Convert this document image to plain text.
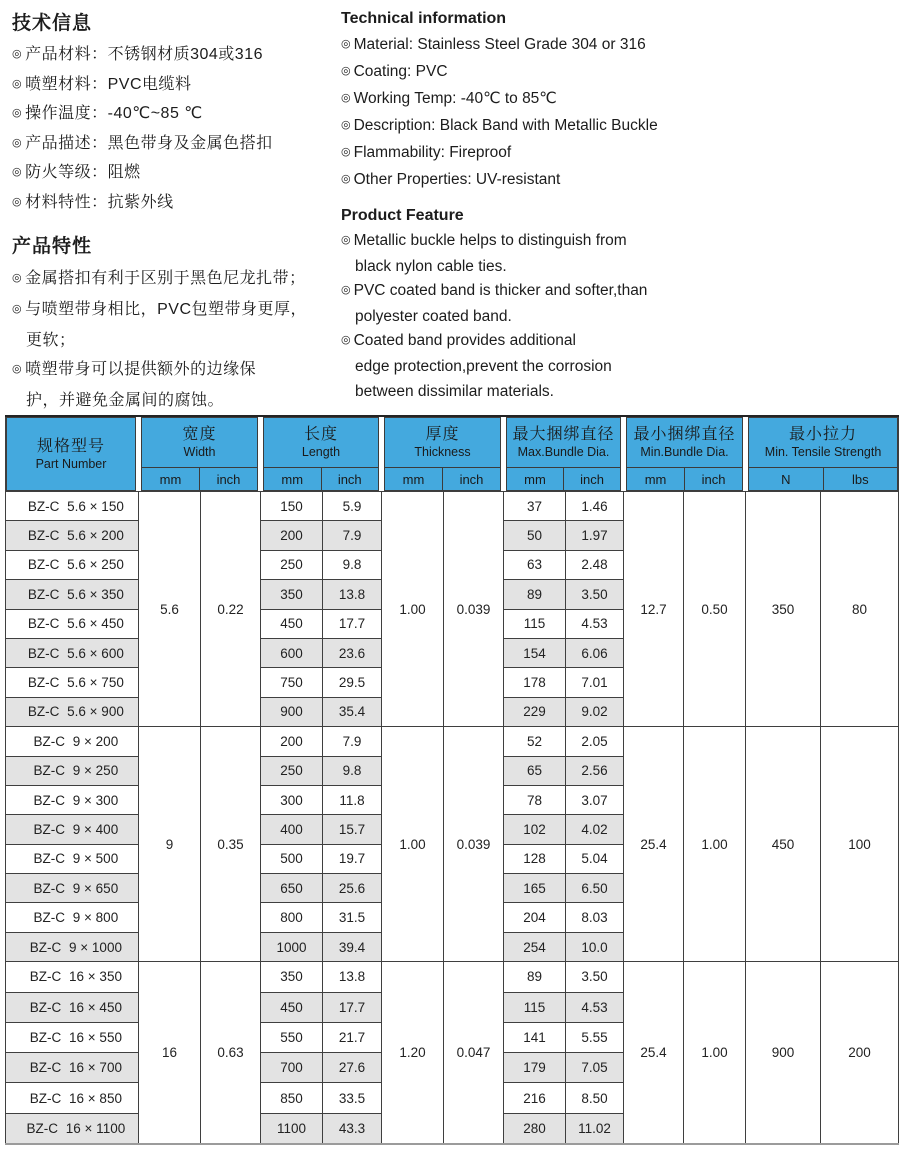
技术信息
◎ 产品材料：不锈钢材质304或316
◎ 喷塑材料：PVC电缆料
◎ 操作温度：-40℃~85 ℃
◎ 产品描述：黑色带身及金属色搭扣
◎ 防火等级：阻燃
◎ 材料特性：抗紫外线
产品特性
◎ 金属搭扣有利于区别于黑色尼龙扎带；
◎ 与喷塑带身相比，PVC包塑带身更厚，
更软；
◎ 喷塑带身可以提供额外的边缘保
护，并避免金属间的腐蚀。
Technical information
◎ Material: Stainless Steel Grade 304 or 316
◎ Coating: PVC
◎ Working Temp: -40℃ to 85℃
◎ Description: Black Band with Metallic Buckle
◎ Flammability: Fireproof
◎ Other Properties: UV-resistant
Product Feature
◎ Metallic buckle helps to distinguish from
black nylon cable ties.
◎ PVC coated band is thicker and softer,than
polyester coated band.
◎ Coated band provides additional
edge protection,prevent the corrosion
between dissimilar materials.
规格型号
Part Number

宽度
Width
mm	inch

长度
Length
mm	inch

厚度
Thickness
mm	inch

最大捆绑直径
Max.Bundle Dia.
mm	inch

最小捆绑直径
Min.Bundle Dia.
mm	inch

最小拉力
Min. Tensile Strength
N	lbs

BZ-C 5.6 × 150	5.6	0.22	150	5.9	1.00	0.039	37	1.46	12.7	0.50	350	80
BZ-C 5.6 × 200			200	7.9			50	1.97				
BZ-C 5.6 × 250			250	9.8			63	2.48				
BZ-C 5.6 × 350			350	13.8			89	3.50				
BZ-C 5.6 × 450			450	17.7			115	4.53				
BZ-C 5.6 × 600			600	23.6			154	6.06				
BZ-C 5.6 × 750			750	29.5			178	7.01				
BZ-C 5.6 × 900			900	35.4			229	9.02				
BZ-C 9 × 200	9	0.35	200	7.9	1.00	0.039	52	2.05	25.4	1.00	450	100
BZ-C 9 × 250			250	9.8			65	2.56				
BZ-C 9 × 300			300	11.8			78	3.07				
BZ-C 9 × 400			400	15.7			102	4.02				
BZ-C 9 × 500			500	19.7			128	5.04				
BZ-C 9 × 650			650	25.6			165	6.50				
BZ-C 9 × 800			800	31.5			204	8.03				
BZ-C 9 × 1000			1000	39.4			254	10.0				
BZ-C 16 × 350	16	0.63	350	13.8	1.20	0.047	89	3.50	25.4	1.00	900	200
BZ-C 16 × 450			450	17.7			115	4.53				
BZ-C 16 × 550			550	21.7			141	5.55				
BZ-C 16 × 700			700	27.6			179	7.05				
BZ-C 16 × 850			850	33.5			216	8.50				
BZ-C 16 × 1100			1100	43.3			280	11.02				
